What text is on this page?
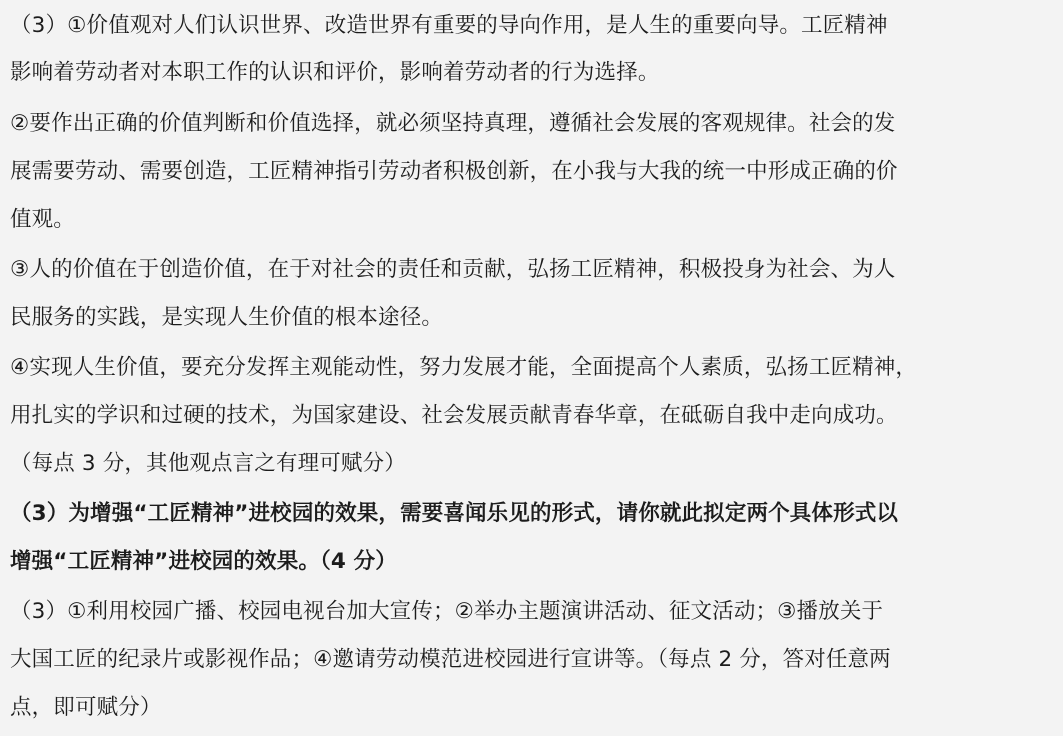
（3）①价值观对人们认识世界、改造世界有重要的导向作用，是人生的重要向导。工匠精神
影响着劳动者对本职工作的认识和评价，影响着劳动者的行为选择。
②要作出正确的价值判断和价值选择，就必须坚持真理，遵循社会发展的客观规律。社会的发
展需要劳动、需要创造，工匠精神指引劳动者积极创新，在小我与大我的统一中形成正确的价
值观。
③人的价值在于创造价值，在于对社会的责任和贡献，弘扬工匠精神，积极投身为社会、为人
民服务的实践，是实现人生价值的根本途径。
④实现人生价值，要充分发挥主观能动性，努力发展才能，全面提高个人素质，弘扬工匠精神，
用扎实的学识和过硬的技术，为国家建设、社会发展贡献青春华章，在砥砺自我中走向成功。
（每点 3 分，其他观点言之有理可赋分）
（3）为增强“工匠精神”进校园的效果，需要喜闻乐见的形式，请你就此拟定两个具体形式以
增强“工匠精神”进校园的效果。（4 分）
（3）①利用校园广播、校园电视台加大宣传；②举办主题演讲活动、征文活动；③播放关于
大国工匠的纪录片或影视作品；④邀请劳动模范进校园进行宣讲等。（每点 2 分，答对任意两
点，即可赋分）
